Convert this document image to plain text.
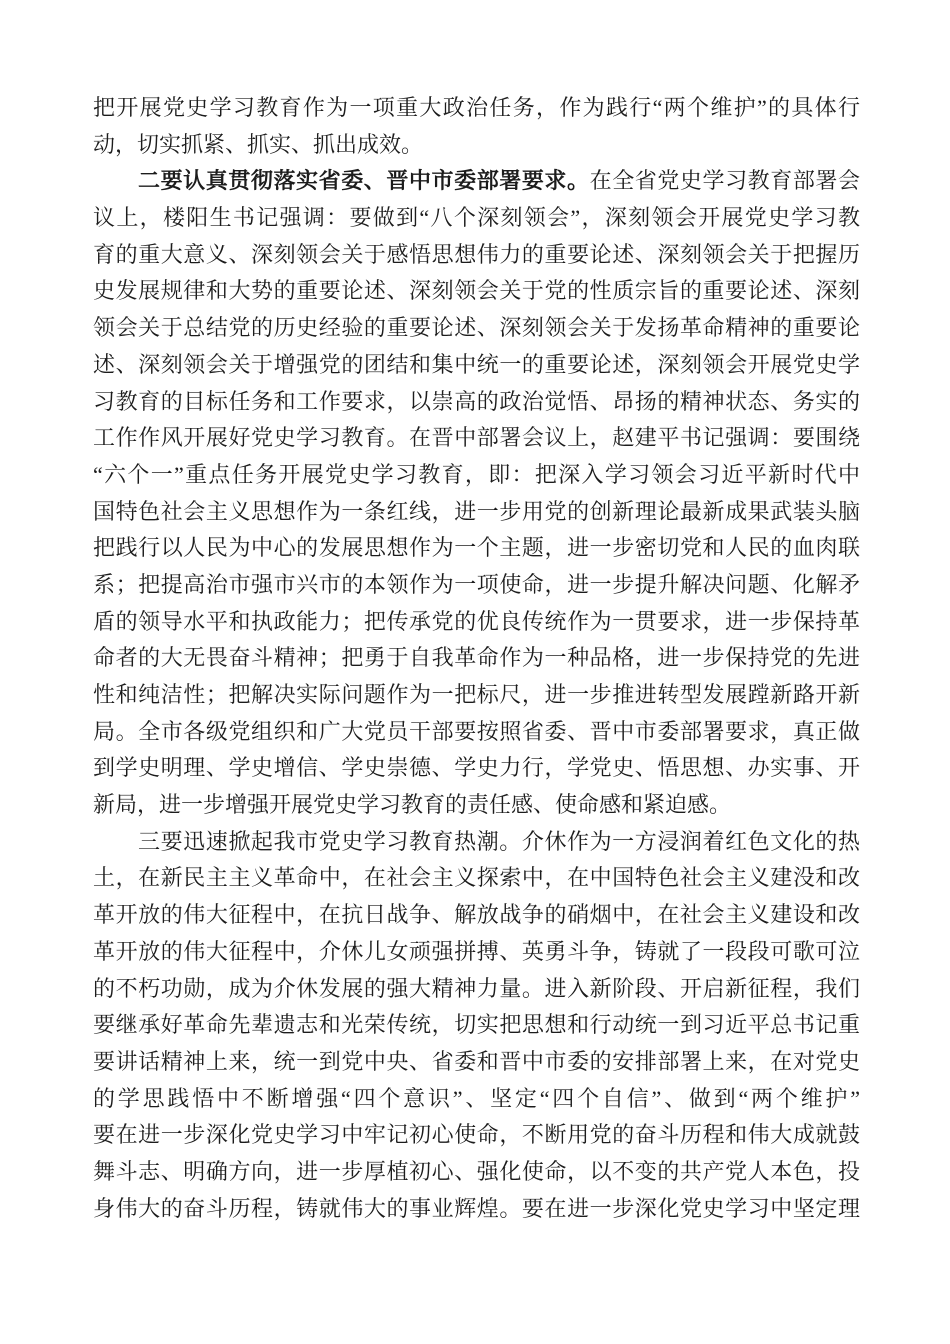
把开展党史学习教育作为一项重大政治任务，作为践行“两个维护”的具体行
动，切实抓紧、抓实、抓出成效。
二要认真贯彻落实省委、晋中市委部署要求。在全省党史学习教育部署会
议上，楼阳生书记强调：要做到“八个深刻领会”，深刻领会开展党史学习教
育的重大意义、深刻领会关于感悟思想伟力的重要论述、深刻领会关于把握历
史发展规律和大势的重要论述、深刻领会关于党的性质宗旨的重要论述、深刻
领会关于总结党的历史经验的重要论述、深刻领会关于发扬革命精神的重要论
述、深刻领会关于增强党的团结和集中统一的重要论述，深刻领会开展党史学
习教育的目标任务和工作要求，以崇高的政治觉悟、昂扬的精神状态、务实的
工作作风开展好党史学习教育。在晋中部署会议上，赵建平书记强调：要围绕
“六个一”重点任务开展党史学习教育，即：把深入学习领会习近平新时代中
国特色社会主义思想作为一条红线，进一步用党的创新理论最新成果武装头脑
把践行以人民为中心的发展思想作为一个主题，进一步密切党和人民的血肉联
系；把提高治市强市兴市的本领作为一项使命，进一步提升解决问题、化解矛
盾的领导水平和执政能力；把传承党的优良传统作为一贯要求，进一步保持革
命者的大无畏奋斗精神；把勇于自我革命作为一种品格，进一步保持党的先进
性和纯洁性；把解决实际问题作为一把标尺，进一步推进转型发展蹚新路开新
局。全市各级党组织和广大党员干部要按照省委、晋中市委部署要求，真正做
到学史明理、学史增信、学史崇德、学史力行，学党史、悟思想、办实事、开
新局，进一步增强开展党史学习教育的责任感、使命感和紧迫感。
三要迅速掀起我市党史学习教育热潮。介休作为一方浸润着红色文化的热
土，在新民主主义革命中，在社会主义探索中，在中国特色社会主义建没和改
革开放的伟大征程中，在抗日战争、解放战争的硝烟中，在社会主义建设和改
革开放的伟大征程中，介休儿女顽强拼搏、英勇斗争，铸就了一段段可歌可泣
的不朽功勋，成为介休发展的强大精神力量。进入新阶段、开启新征程，我们
要继承好革命先辈遗志和光荣传统，切实把思想和行动统一到习近平总书记重
要讲话精神上来，统一到党中央、省委和晋中市委的安排部署上来，在对党史
的学思践悟中不断增强“四个意识”、坚定“四个自信”、做到“两个维护”
要在进一步深化党史学习中牢记初心使命，不断用党的奋斗历程和伟大成就鼓
舞斗志、明确方向，进一步厚植初心、强化使命，以不变的共产党人本色，投
身伟大的奋斗历程，铸就伟大的事业辉煌。要在进一步深化党史学习中坚定理
